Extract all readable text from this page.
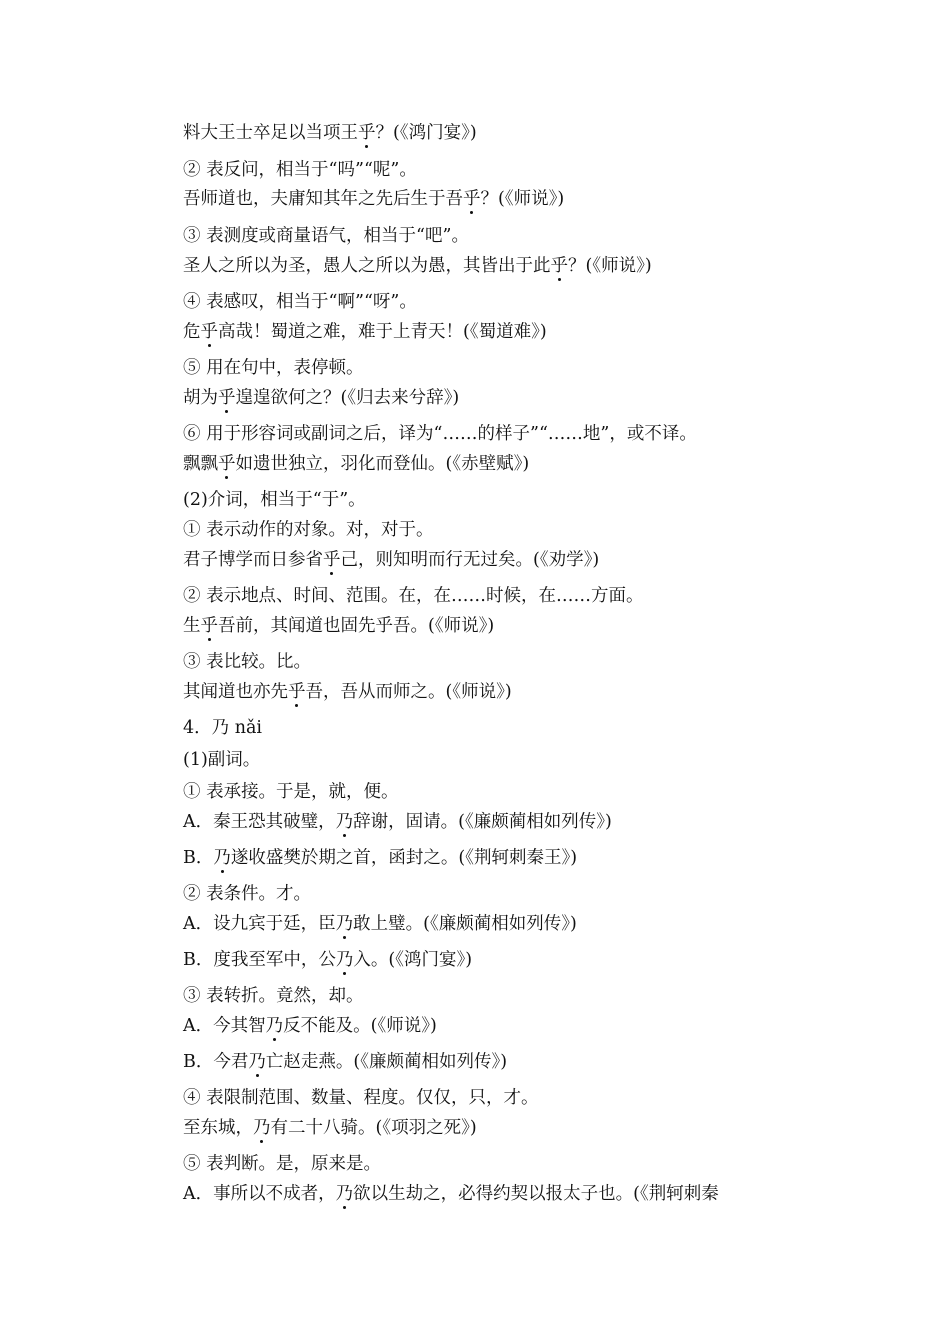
料大王士卒足以当项王乎？(《鸿门宴》)
② 表反问，相当于“吗”“呢”。
吾师道也，夫庸知其年之先后生于吾乎？(《师说》)
③ 表测度或商量语气，相当于“吧”。
圣人之所以为圣，愚人之所以为愚，其皆出于此乎？(《师说》)
④ 表感叹，相当于“啊”“呀”。
危乎高哉！蜀道之难，难于上青天！(《蜀道难》)
⑤ 用在句中，表停顿。
胡为乎遑遑欲何之？(《归去来兮辞》)
⑥ 用于形容词或副词之后，译为“……的样子”“……地”，或不译。
飘飘乎如遗世独立，羽化而登仙。(《赤壁赋》)
(2)介词，相当于“于”。
① 表示动作的对象。对，对于。
君子博学而日参省乎己，则知明而行无过矣。(《劝学》)
② 表示地点、时间、范围。在，在……时候，在……方面。
生乎吾前，其闻道也固先乎吾。(《师说》)
③ 表比较。比。
其闻道也亦先乎吾，吾从而师之。(《师说》)
4．乃 nǎi
(1)副词。
① 表承接。于是，就，便。
A．秦王恐其破璧，乃辞谢，固请。(《廉颇蔺相如列传》)
B．乃遂收盛樊於期之首，函封之。(《荆轲刺秦王》)
② 表条件。才。
A．设九宾于廷，臣乃敢上璧。(《廉颇蔺相如列传》)
B．度我至军中，公乃入。(《鸿门宴》)
③ 表转折。竟然，却。
A．今其智乃反不能及。(《师说》)
B．今君乃亡赵走燕。(《廉颇蔺相如列传》)
④ 表限制范围、数量、程度。仅仅，只，才。
至东城，乃有二十八骑。(《项羽之死》)
⑤ 表判断。是，原来是。
A．事所以不成者，乃欲以生劫之，必得约契以报太子也。(《荆轲刺秦
